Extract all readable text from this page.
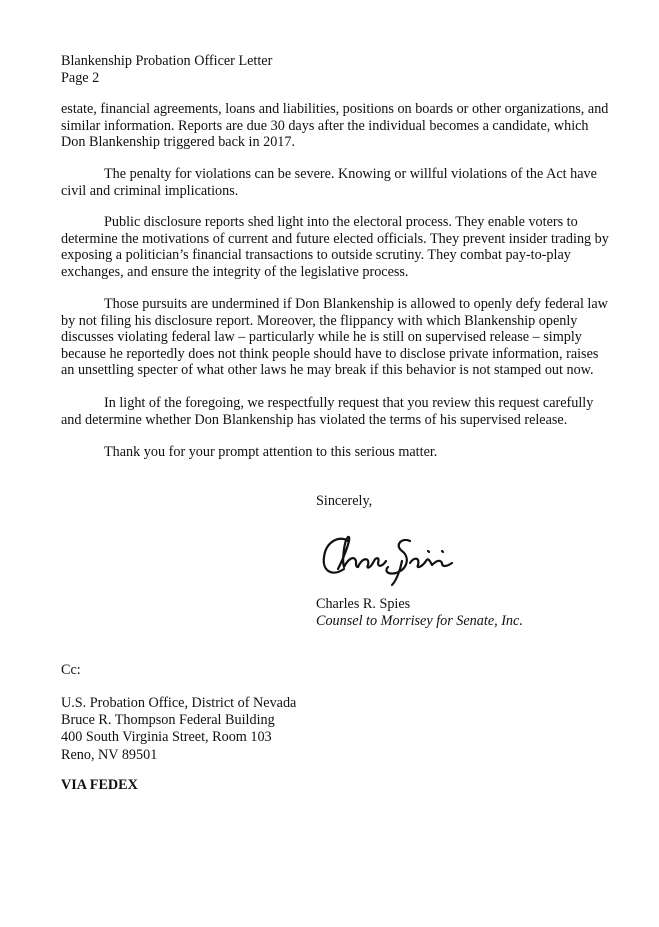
Blankenship Probation Officer Letter
Page 2
estate, financial agreements, loans and liabilities, positions on boards or other organizations, and
similar information. Reports are due 30 days after the individual becomes a candidate, which
Don Blankenship triggered back in 2017.
The penalty for violations can be severe. Knowing or willful violations of the Act have
civil and criminal implications.
Public disclosure reports shed light into the electoral process. They enable voters to
determine the motivations of current and future elected officials. They prevent insider trading by
exposing a politician’s financial transactions to outside scrutiny. They combat pay-to-play
exchanges, and ensure the integrity of the legislative process.
Those pursuits are undermined if Don Blankenship is allowed to openly defy federal law
by not filing his disclosure report. Moreover, the flippancy with which Blankenship openly
discusses violating federal law – particularly while he is still on supervised release – simply
because he reportedly does not think people should have to disclose private information, raises
an unsettling specter of what other laws he may break if this behavior is not stamped out now.
In light of the foregoing, we respectfully request that you review this request carefully
and determine whether Don Blankenship has violated the terms of his supervised release.
Thank you for your prompt attention to this serious matter.
Sincerely,
Charles R. Spies
Counsel to Morrisey for Senate, Inc.
Cc:
U.S. Probation Office, District of Nevada
Bruce R. Thompson Federal Building
400 South Virginia Street, Room 103
Reno, NV 89501
VIA FEDEX
